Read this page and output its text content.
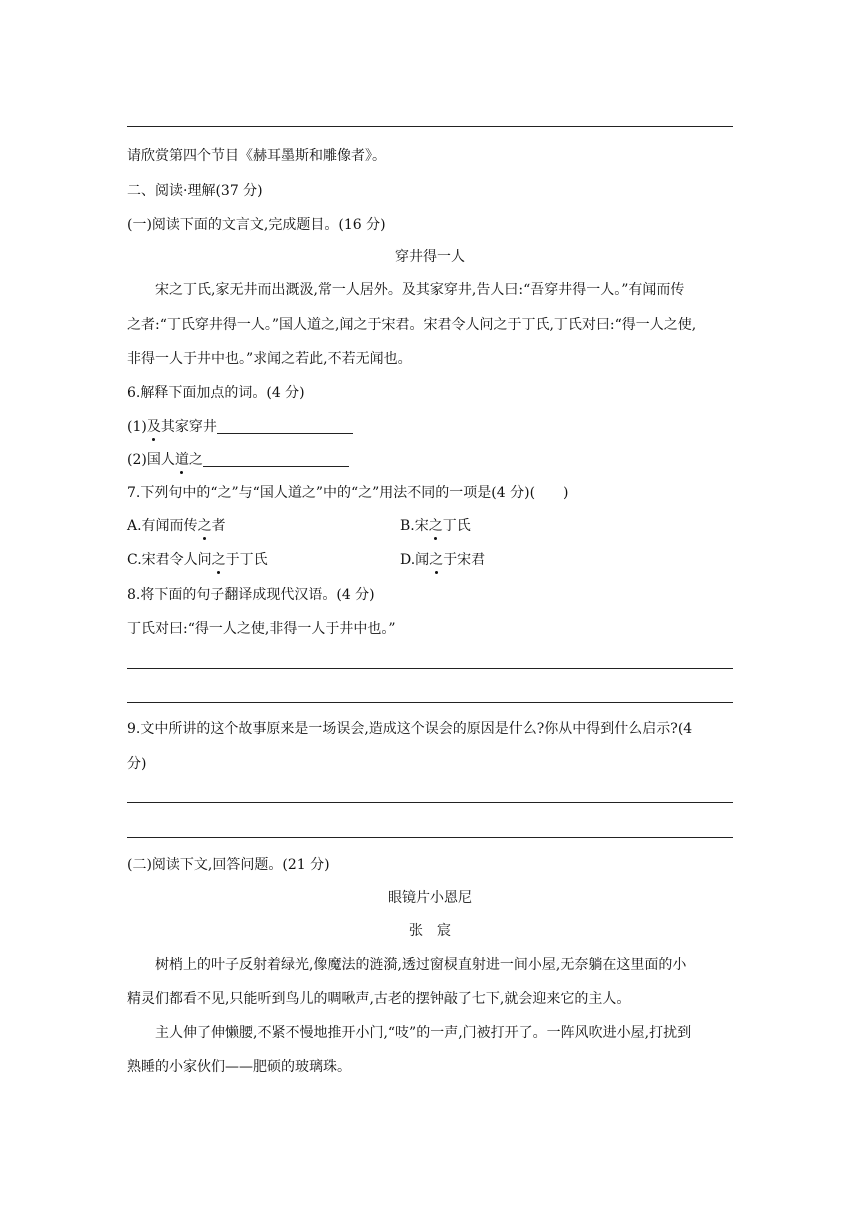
请欣赏第四个节目《赫耳墨斯和雕像者》。
二、阅读·理解(37 分)
(一)阅读下面的文言文,完成题目。(16 分)
穿井得一人
宋之丁氏,家无井而出溉汲,常一人居外。及其家穿井,告人曰:“吾穿井得一人。”有闻而传
之者:“丁氏穿井得一人。”国人道之,闻之于宋君。宋君令人问之于丁氏,丁氏对曰:“得一人之使,
非得一人于井中也。”求闻之若此,不若无闻也。
6.解释下面加点的词。(4 分)
(1)及其家穿井
(2)国人道之
7.下列句中的“之”与“国人道之”中的“之”用法不同的一项是(4 分)(　　)
A.有闻而传之者	B.宋之丁氏
C.宋君令人问之于丁氏	D.闻之于宋君
8.将下面的句子翻译成现代汉语。(4 分)
丁氏对曰:“得一人之使,非得一人于井中也。”
9.文中所讲的这个故事原来是一场误会,造成这个误会的原因是什么?你从中得到什么启示?(4
分)
(二)阅读下文,回答问题。(21 分)
眼镜片小恩尼
张　宸
树梢上的叶子反射着绿光,像魔法的涟漪,透过窗棂直射进一间小屋,无奈躺在这里面的小
精灵们都看不见,只能听到鸟儿的啁啾声,古老的摆钟敲了七下,就会迎来它的主人。
主人伸了伸懒腰,不紧不慢地推开小门,“吱”的一声,门被打开了。一阵风吹进小屋,打扰到
熟睡的小家伙们——肥硕的玻璃珠。
